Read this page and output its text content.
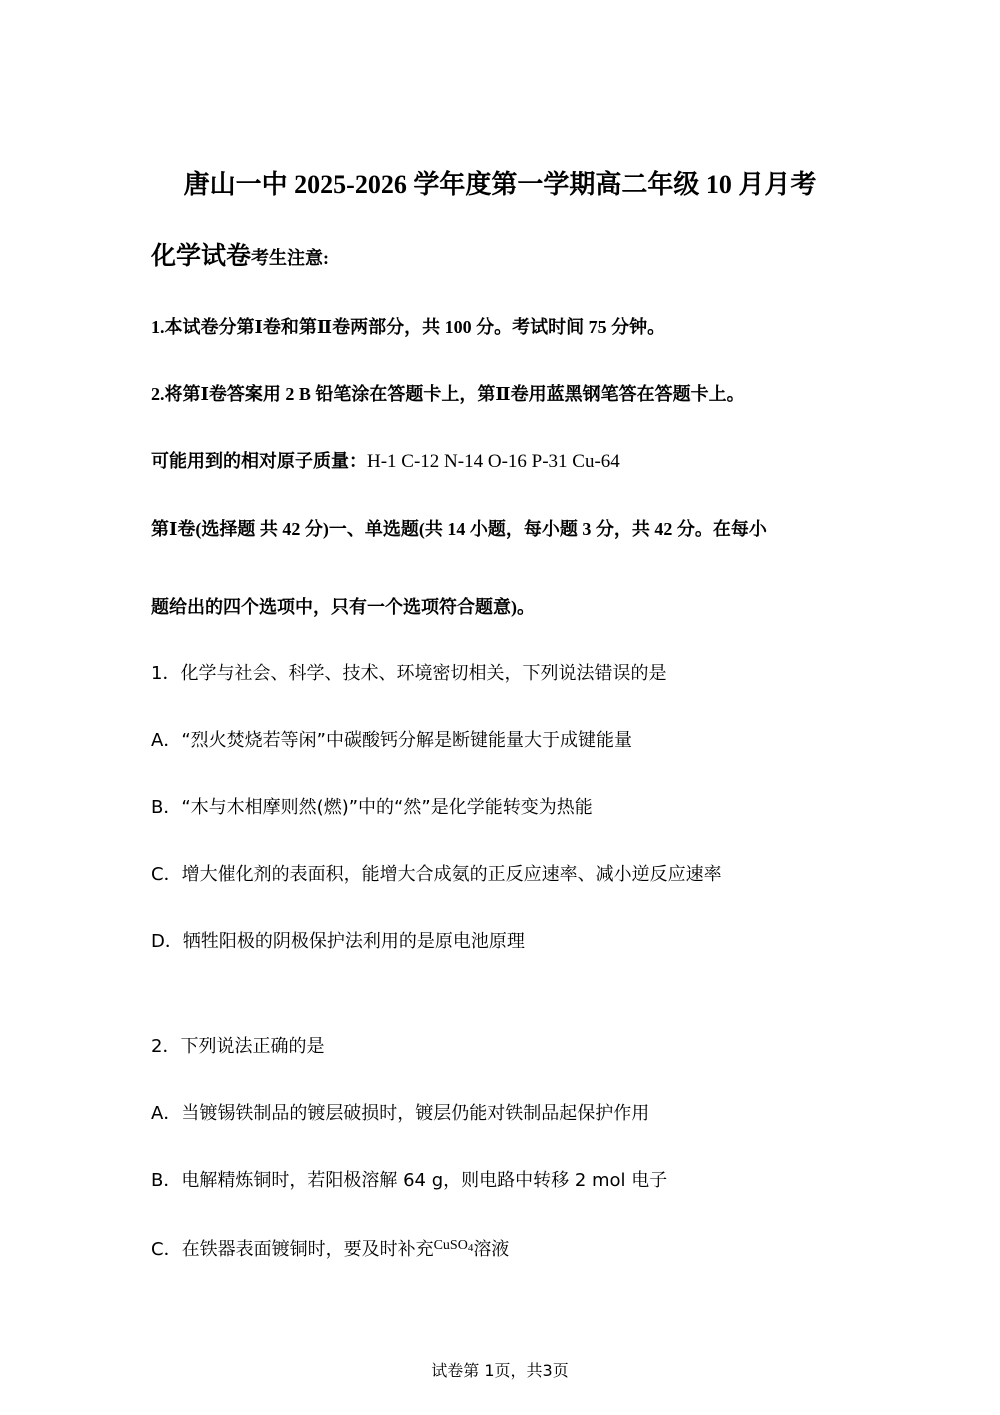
唐山一中 2025-2026 学年度第一学期高二年级 10 月月考
化学试卷考生注意:
1.本试卷分第Ⅰ卷和第Ⅱ卷两部分，共 100 分。考试时间 75 分钟。
2.将第Ⅰ卷答案用 2 B 铅笔涂在答题卡上，第Ⅱ卷用蓝黑钢笔答在答题卡上。
可能用到的相对原子质量：H-1 C-12 N-14 O-16 P-31 Cu-64
第Ⅰ卷(选择题 共 42 分)一、单选题(共 14 小题，每小题 3 分，共 42 分。在每小
题给出的四个选项中，只有一个选项符合题意)。
1．化学与社会、科学、技术、环境密切相关，下列说法错误的是
A．“烈火焚烧若等闲”中碳酸钙分解是断键能量大于成键能量
B．“木与木相摩则然(燃)”中的“然”是化学能转变为热能
C．增大催化剂的表面积，能增大合成氨的正反应速率、减小逆反应速率
D．牺牲阳极的阴极保护法利用的是原电池原理
2．下列说法正确的是
A．当镀锡铁制品的镀层破损时，镀层仍能对铁制品起保护作用
B．电解精炼铜时，若阳极溶解 64 g，则电路中转移 2 mol 电子
C．在铁器表面镀铜时，要及时补充$^{CuSO4}$溶液
试卷第 1页，共3页
